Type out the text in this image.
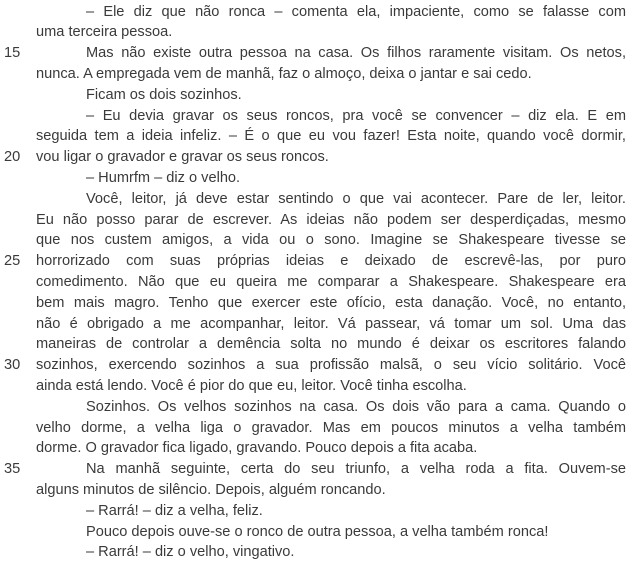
15
20
25
30
35
– Ele diz que não ronca – comenta ela, impaciente, como se falasse com
uma terceira pessoa.
Mas não existe outra pessoa na casa. Os filhos raramente visitam. Os netos,
nunca. A empregada vem de manhã, faz o almoço, deixa o jantar e sai cedo.
Ficam os dois sozinhos.
– Eu devia gravar os seus roncos, pra você se convencer – diz ela. E em
seguida tem a ideia infeliz. – É o que eu vou fazer! Esta noite, quando você dormir,
vou ligar o gravador e gravar os seus roncos.
– Humrfm – diz o velho.
Você, leitor, já deve estar sentindo o que vai acontecer. Pare de ler, leitor.
Eu não posso parar de escrever. As ideias não podem ser desperdiçadas, mesmo
que nos custem amigos, a vida ou o sono. Imagine se Shakespeare tivesse se
horrorizado com suas próprias ideias e deixado de escrevê-las, por puro
comedimento. Não que eu queira me comparar a Shakespeare. Shakespeare era
bem mais magro. Tenho que exercer este ofício, esta danação. Você, no entanto,
não é obrigado a me acompanhar, leitor. Vá passear, vá tomar um sol. Uma das
maneiras de controlar a demência solta no mundo é deixar os escritores falando
sozinhos, exercendo sozinhos a sua profissão malsã, o seu vício solitário. Você
ainda está lendo. Você é pior do que eu, leitor. Você tinha escolha.
Sozinhos. Os velhos sozinhos na casa. Os dois vão para a cama. Quando o
velho dorme, a velha liga o gravador. Mas em poucos minutos a velha também
dorme. O gravador fica ligado, gravando. Pouco depois a fita acaba.
Na manhã seguinte, certa do seu triunfo, a velha roda a fita. Ouvem-se
alguns minutos de silêncio. Depois, alguém roncando.
– Rarrá! – diz a velha, feliz.
Pouco depois ouve-se o ronco de outra pessoa, a velha também ronca!
– Rarrá! – diz o velho, vingativo.
